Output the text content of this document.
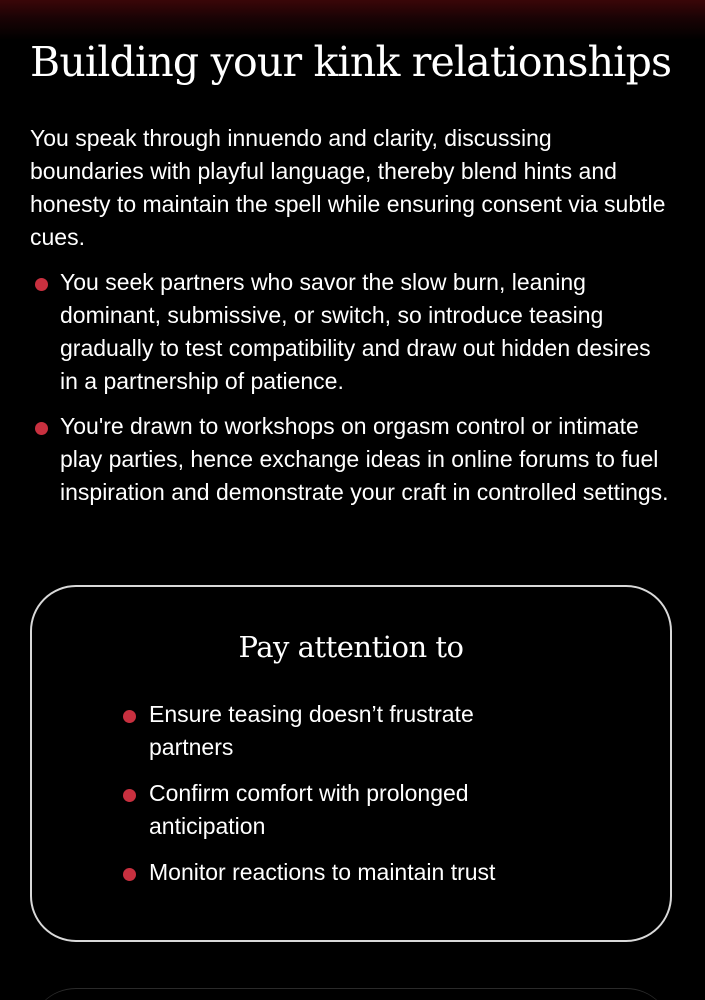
Building your kink relationships

You speak through innuendo and clarity, discussing boundaries with playful language, thereby blend hints and honesty to maintain the spell while ensuring consent via subtle cues.

You seek partners who savor the slow burn, leaning dominant, submissive, or switch, so introduce teasing gradually to test compatibility and draw out hidden desires in a partnership of patience.
You're drawn to workshops on orgasm control or intimate play parties, hence exchange ideas in online forums to fuel inspiration and demonstrate your craft in controlled settings.
Pay attention to
Ensure teasing doesn’t frustrate partners
Confirm comfort with prolonged anticipation
Monitor reactions to maintain trust
